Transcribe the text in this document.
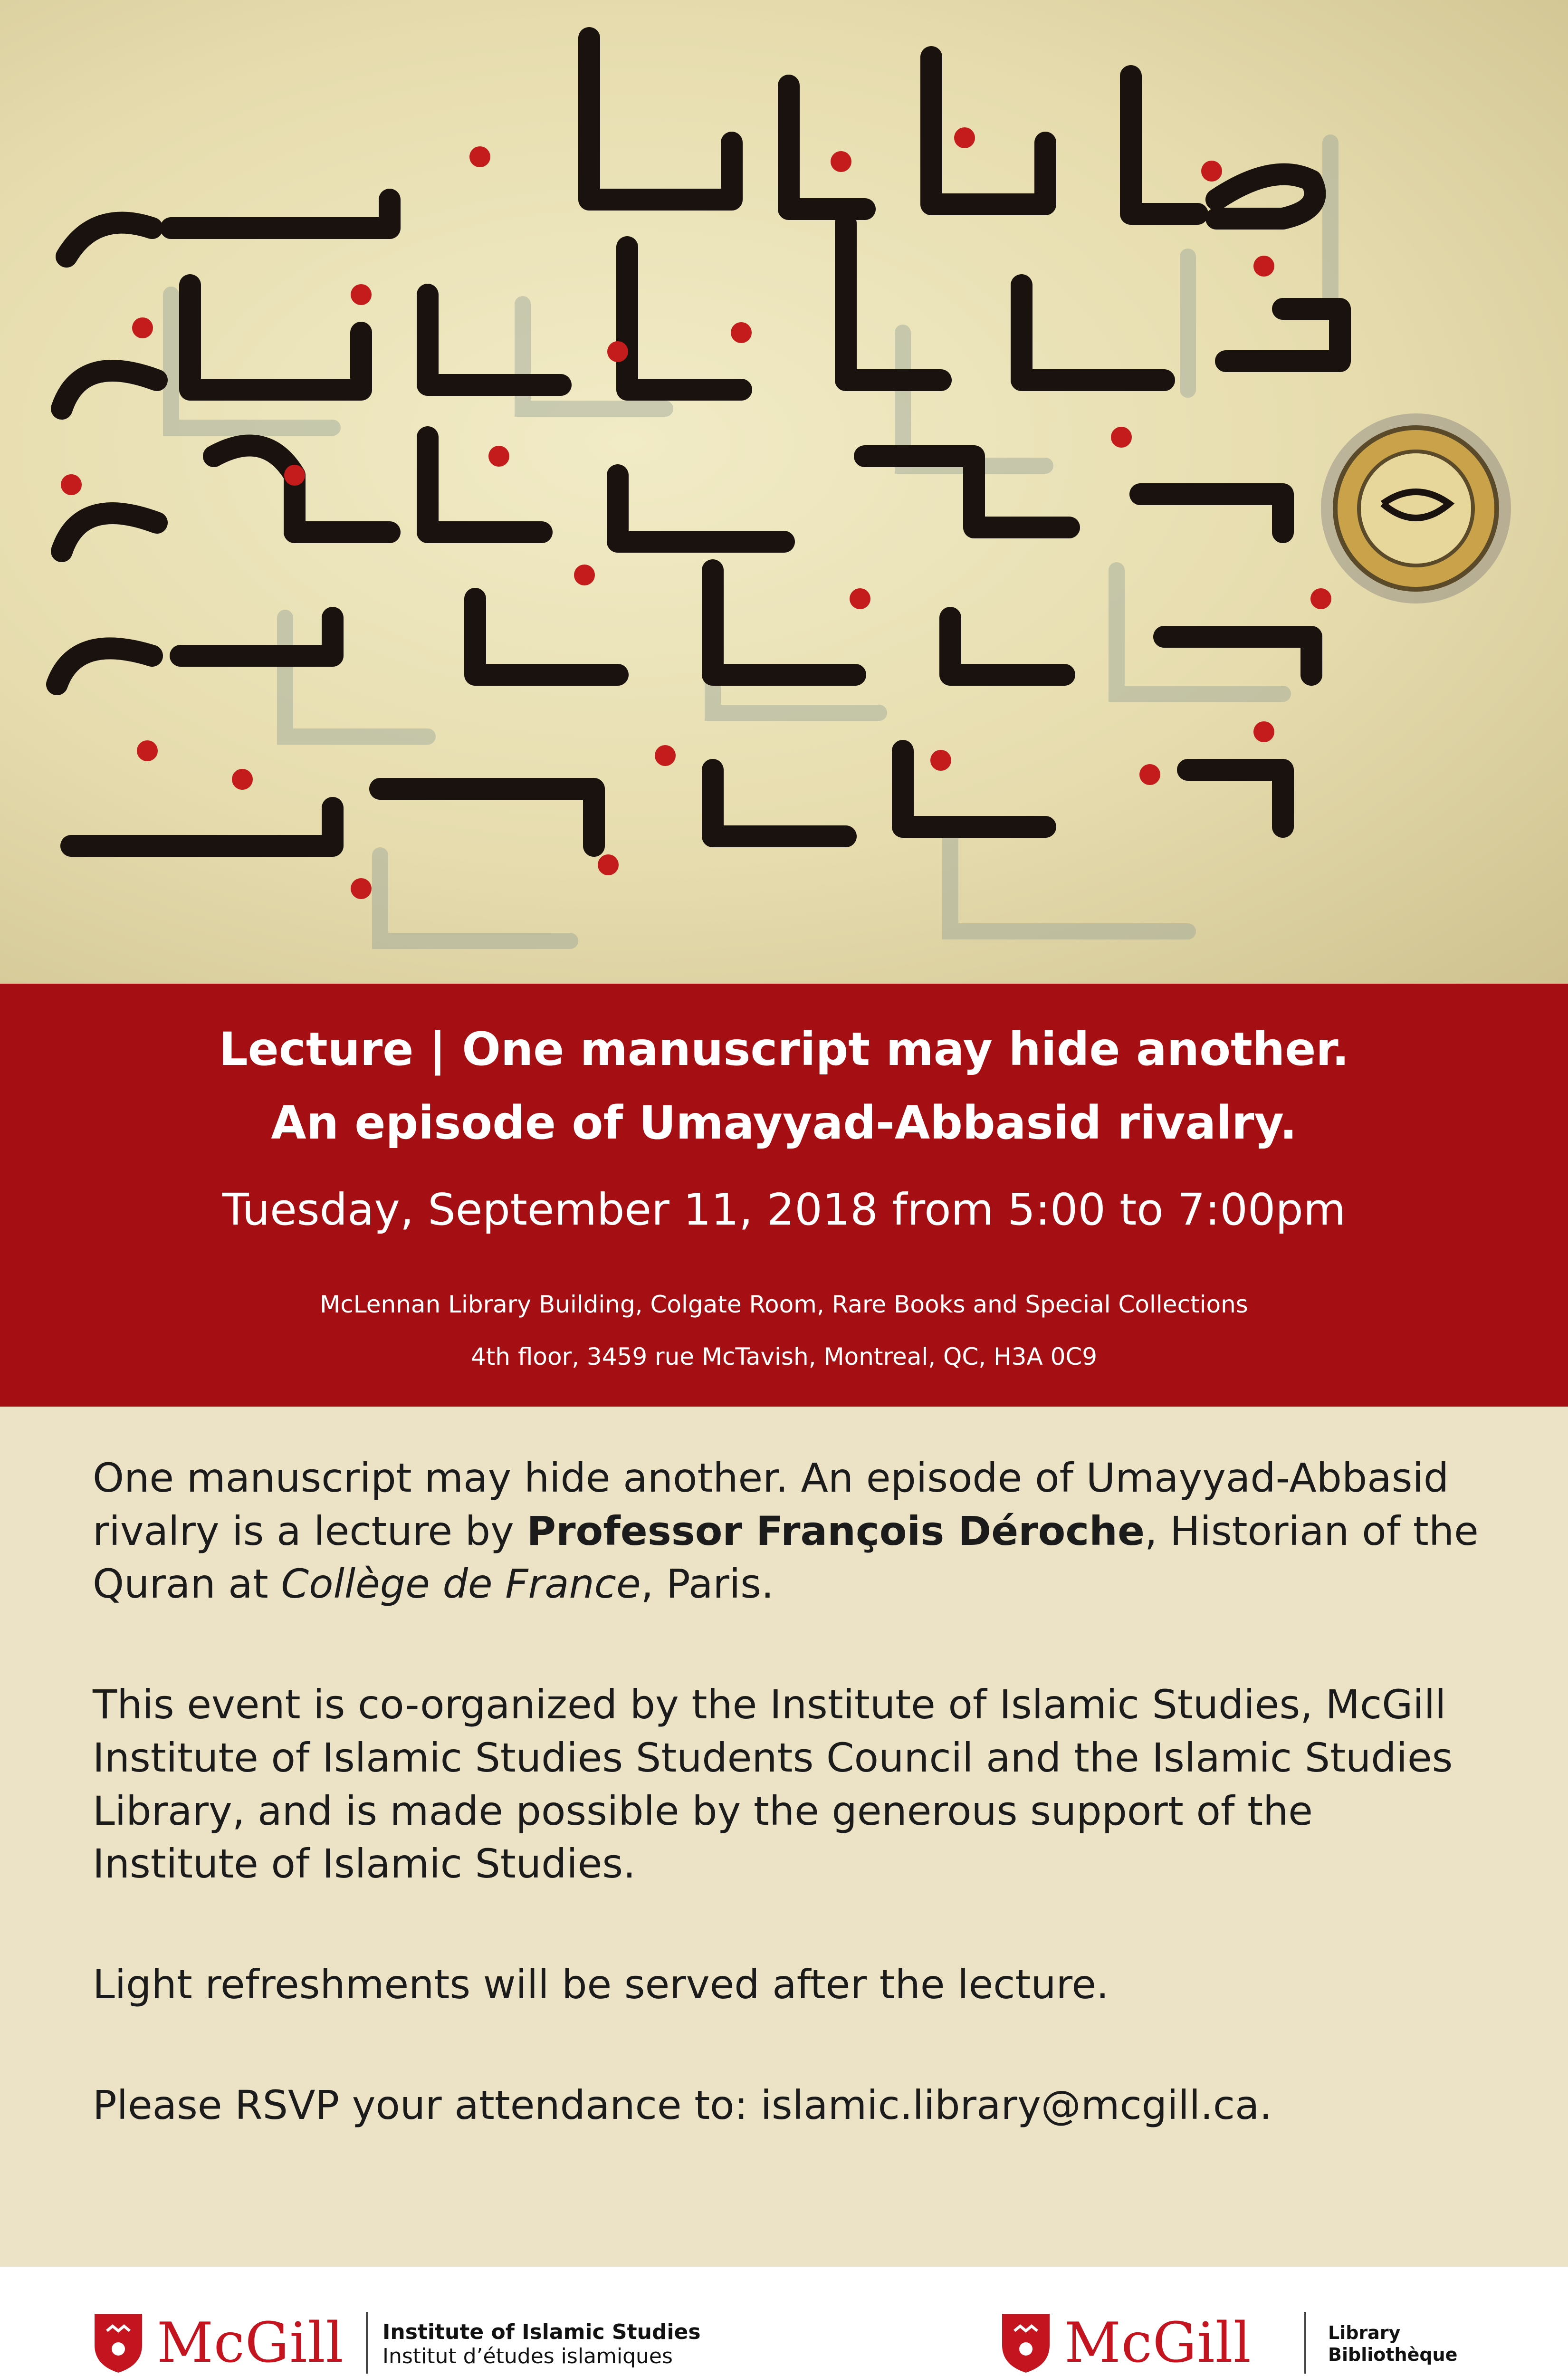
Lecture | One manuscript may hide another.
An episode of Umayyad-Abbasid rivalry.
Tuesday, September 11, 2018 from 5:00 to 7:00pm
McLennan Library Building, Colgate Room, Rare Books and Special Collections
4th floor, 3459 rue McTavish, Montreal, QC, H3A 0C9

One manuscript may hide another. An episode of Umayyad-Abbasid rivalry is a lecture by Professor François Déroche, Historian of the Quran at Collège de France, Paris.

This event is co-organized by the Institute of Islamic Studies, McGill Institute of Islamic Studies Students Council and the Islamic Studies Library, and is made possible by the generous support of the Institute of Islamic Studies.

Light refreshments will be served after the lecture.

Please RSVP your attendance to: islamic.library@mcgill.ca.

McGill Institute of Islamic Studies
Institut d’études islamiques	McGill	Library
Bibliothèque
